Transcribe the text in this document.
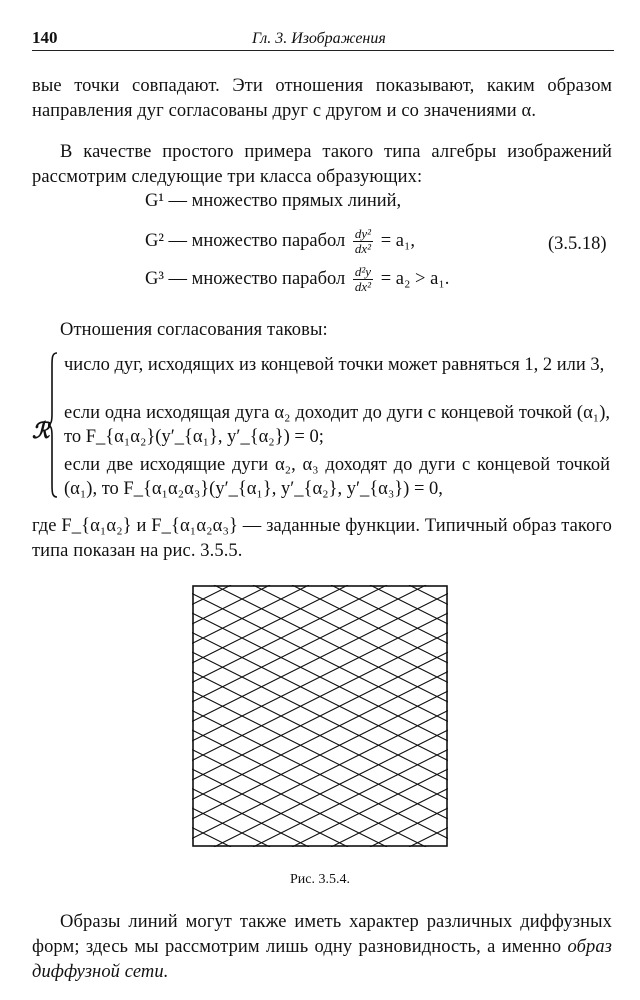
140	Гл. 3. Изображения
вые точки совпадают. Эти отношения показывают, каким образом направления дуг согласованы друг с другом и со значениями α.
В качестве простого примера такого типа алгебры изображений рассмотрим следующие три класса образующих:
G¹ — множество прямых линий,
G² — множество парабол $\frac{\text{dy²}}{\text{dx²}} = a_1$,
G³ — множество парабол $\frac{\text{d²y}}{\text{dx²}} = a_2 > a_1$.
(3.5.18)
Отношения согласования таковы:
ℛ
число дуг, исходящих из концевой точки может равняться 1, 2 или 3,
если одна исходящая дуга α₂ доходит до дуги с концевой точкой (α₁), то F_{α₁α₂}(y′_{α₁}, y′_{α₂}) = 0;
если две исходящие дуги α₂, α₃ доходят до дуги с концевой точкой (α₁), то F_{α₁α₂α₃}(y′_{α₁}, y′_{α₂}, y′_{α₃}) = 0,
где F_{α₁α₂} и F_{α₁α₂α₃} — заданные функции. Типичный образ такого типа показан на рис. 3.5.5.
Рис. 3.5.4.
Образы линий могут также иметь характер различных диффузных форм; здесь мы рассмотрим лишь одну разновидность, а именно образ диффузной сети.
